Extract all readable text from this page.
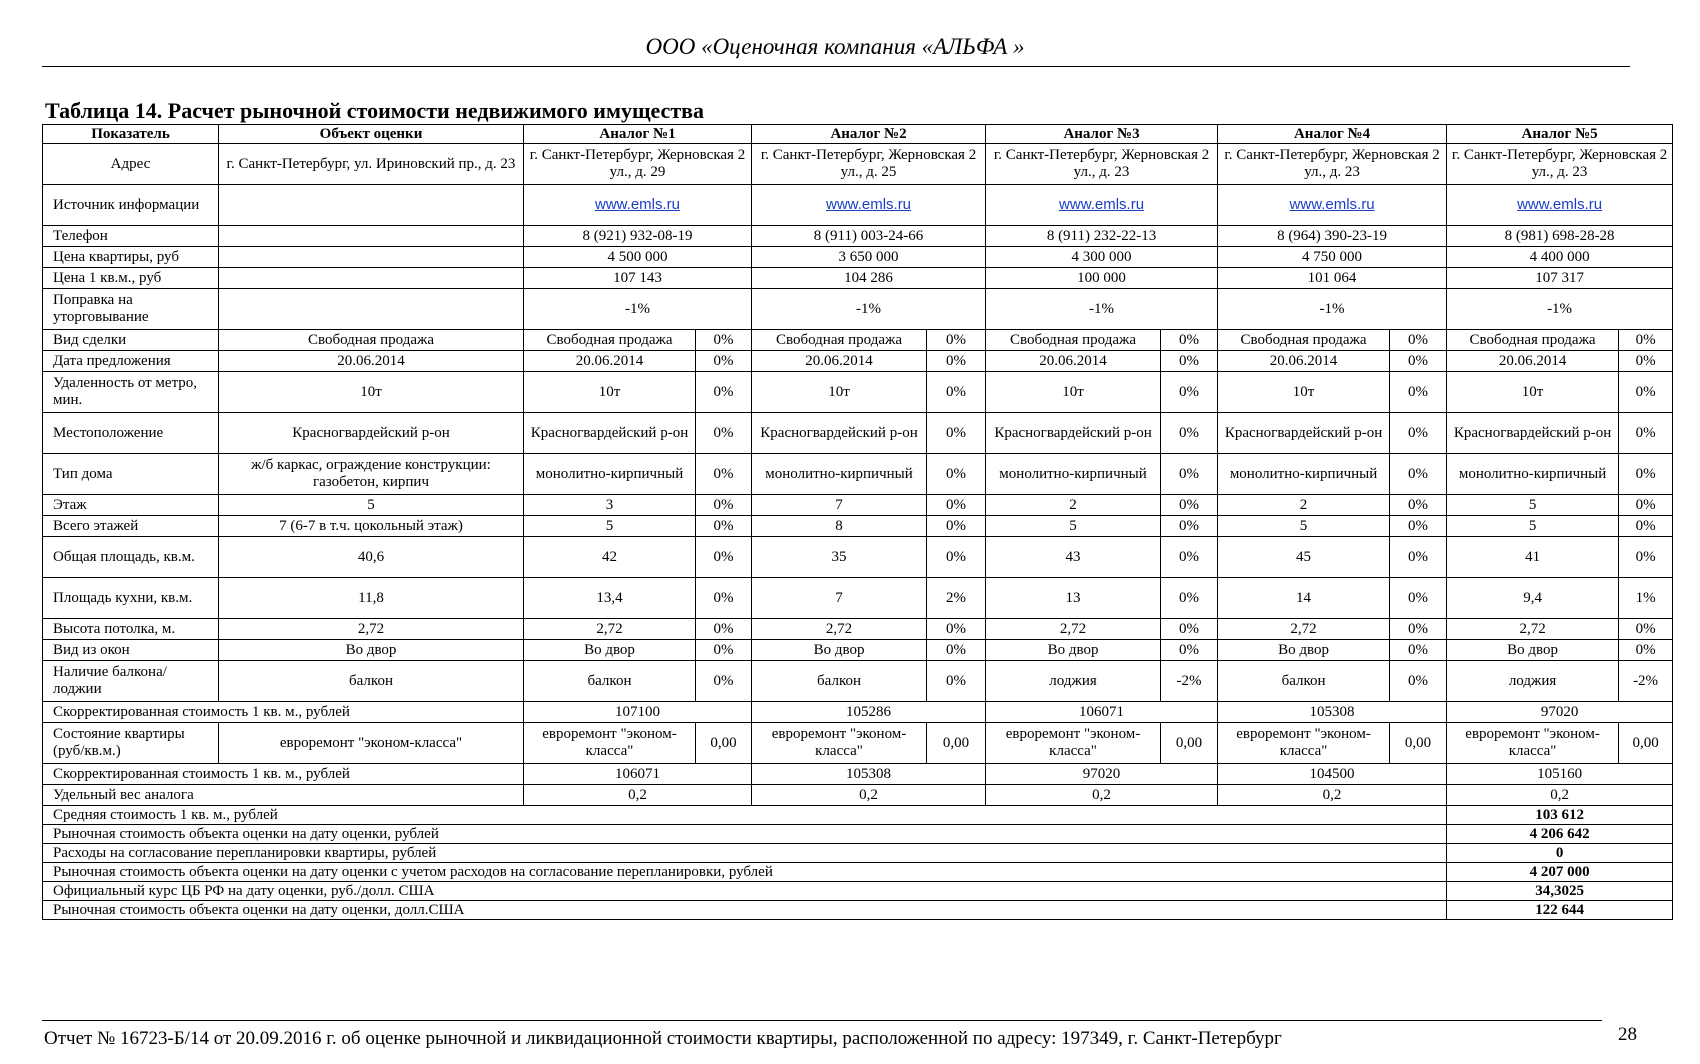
ООО «Оценочная компания «АЛЬФА »
Таблица 14. Расчет рыночной стоимости недвижимого имущества
Показатель	Объект оценки	Аналог №1		Аналог №2		Аналог №3		Аналог №4		Аналог №5	
Адрес	г. Санкт-Петербург, ул. Ириновский пр., д. 23	г. Санкт-Петербург, Жерновская 2 ул., д. 29		г. Санкт-Петербург, Жерновская 2 ул., д. 25		г. Санкт-Петербург, Жерновская 2 ул., д. 23		г. Санкт-Петербург, Жерновская 2 ул., д. 23		г. Санкт-Петербург, Жерновская 2 ул., д. 23	
Источник информации		www.emls.ru		www.emls.ru		www.emls.ru		www.emls.ru		www.emls.ru	
Телефон		8 (921) 932-08-19		8 (911) 003-24-66		8 (911) 232-22-13		8 (964) 390-23-19		8 (981) 698-28-28	
Цена квартиры, руб		4 500 000		3 650 000		4 300 000		4 750 000		4 400 000	
Цена 1 кв.м., руб		107 143		104 286		100 000		101 064		107 317	
Поправка на уторговывание		-1%		-1%		-1%		-1%		-1%	
Вид сделки	Свободная продажа	Свободная продажа	0%	Свободная продажа	0%	Свободная продажа	0%	Свободная продажа	0%	Свободная продажа	0%
Дата предложения	20.06.2014	20.06.2014	0%	20.06.2014	0%	20.06.2014	0%	20.06.2014	0%	20.06.2014	0%
Удаленность от метро, мин.	10т	10т	0%	10т	0%	10т	0%	10т	0%	10т	0%
Местоположение	Красногвардейский р-он	Красногвардейский р-он	0%	Красногвардейский р-он	0%	Красногвардейский р-он	0%	Красногвардейский р-он	0%	Красногвардейский р-он	0%
Тип дома	ж/б каркас, ограждение конструкции: газобетон, кирпич	монолитно-кирпичный	0%	монолитно-кирпичный	0%	монолитно-кирпичный	0%	монолитно-кирпичный	0%	монолитно-кирпичный	0%
Этаж	5	3	0%	7	0%	2	0%	2	0%	5	0%
Всего этажей	7 (6-7 в т.ч. цокольный этаж)	5	0%	8	0%	5	0%	5	0%	5	0%
Общая площадь, кв.м.	40,6	42	0%	35	0%	43	0%	45	0%	41	0%
Площадь кухни, кв.м.	11,8	13,4	0%	7	2%	13	0%	14	0%	9,4	1%
Высота потолка, м.	2,72	2,72	0%	2,72	0%	2,72	0%	2,72	0%	2,72	0%
Вид из окон	Во двор	Во двор	0%	Во двор	0%	Во двор	0%	Во двор	0%	Во двор	0%
Наличие балкона/лоджии	балкон	балкон	0%	балкон	0%	лоджия	-2%	балкон	0%	лоджия	-2%
Скорректированная стоимость 1 кв. м., рублей		107100		105286		106071		105308		97020	
Состояние квартиры (руб/кв.м.)	евроремонт "эконом-класса"	евроремонт "эконом-класса"	0,00	евроремонт "эконом-класса"	0,00	евроремонт "эконом-класса"	0,00	евроремонт "эконом-класса"	0,00	евроремонт "эконом-класса"	0,00
Скорректированная стоимость 1 кв. м., рублей		106071		105308		97020		104500		105160	
Удельный вес аналога		0,2		0,2		0,2		0,2		0,2	
Средняя стоимость 1 кв. м., рублей										103 612	
Рыночная стоимость объекта оценки на дату оценки, рублей										4 206 642	
Расходы на согласование перепланировки квартиры, рублей										0	
Рыночная стоимость объекта оценки на дату оценки с учетом расходов на согласование перепланировки, рублей										4 207 000	
Официальный курс ЦБ РФ на дату оценки, руб./долл. США										34,3025	
Рыночная стоимость объекта оценки на дату оценки, долл.США										122 644	
Отчет № 16723-Б/14 от 20.09.2016 г. об оценке рыночной и ликвидационной стоимости квартиры, расположенной по адресу: 197349, г. Санкт-Петербург	28
